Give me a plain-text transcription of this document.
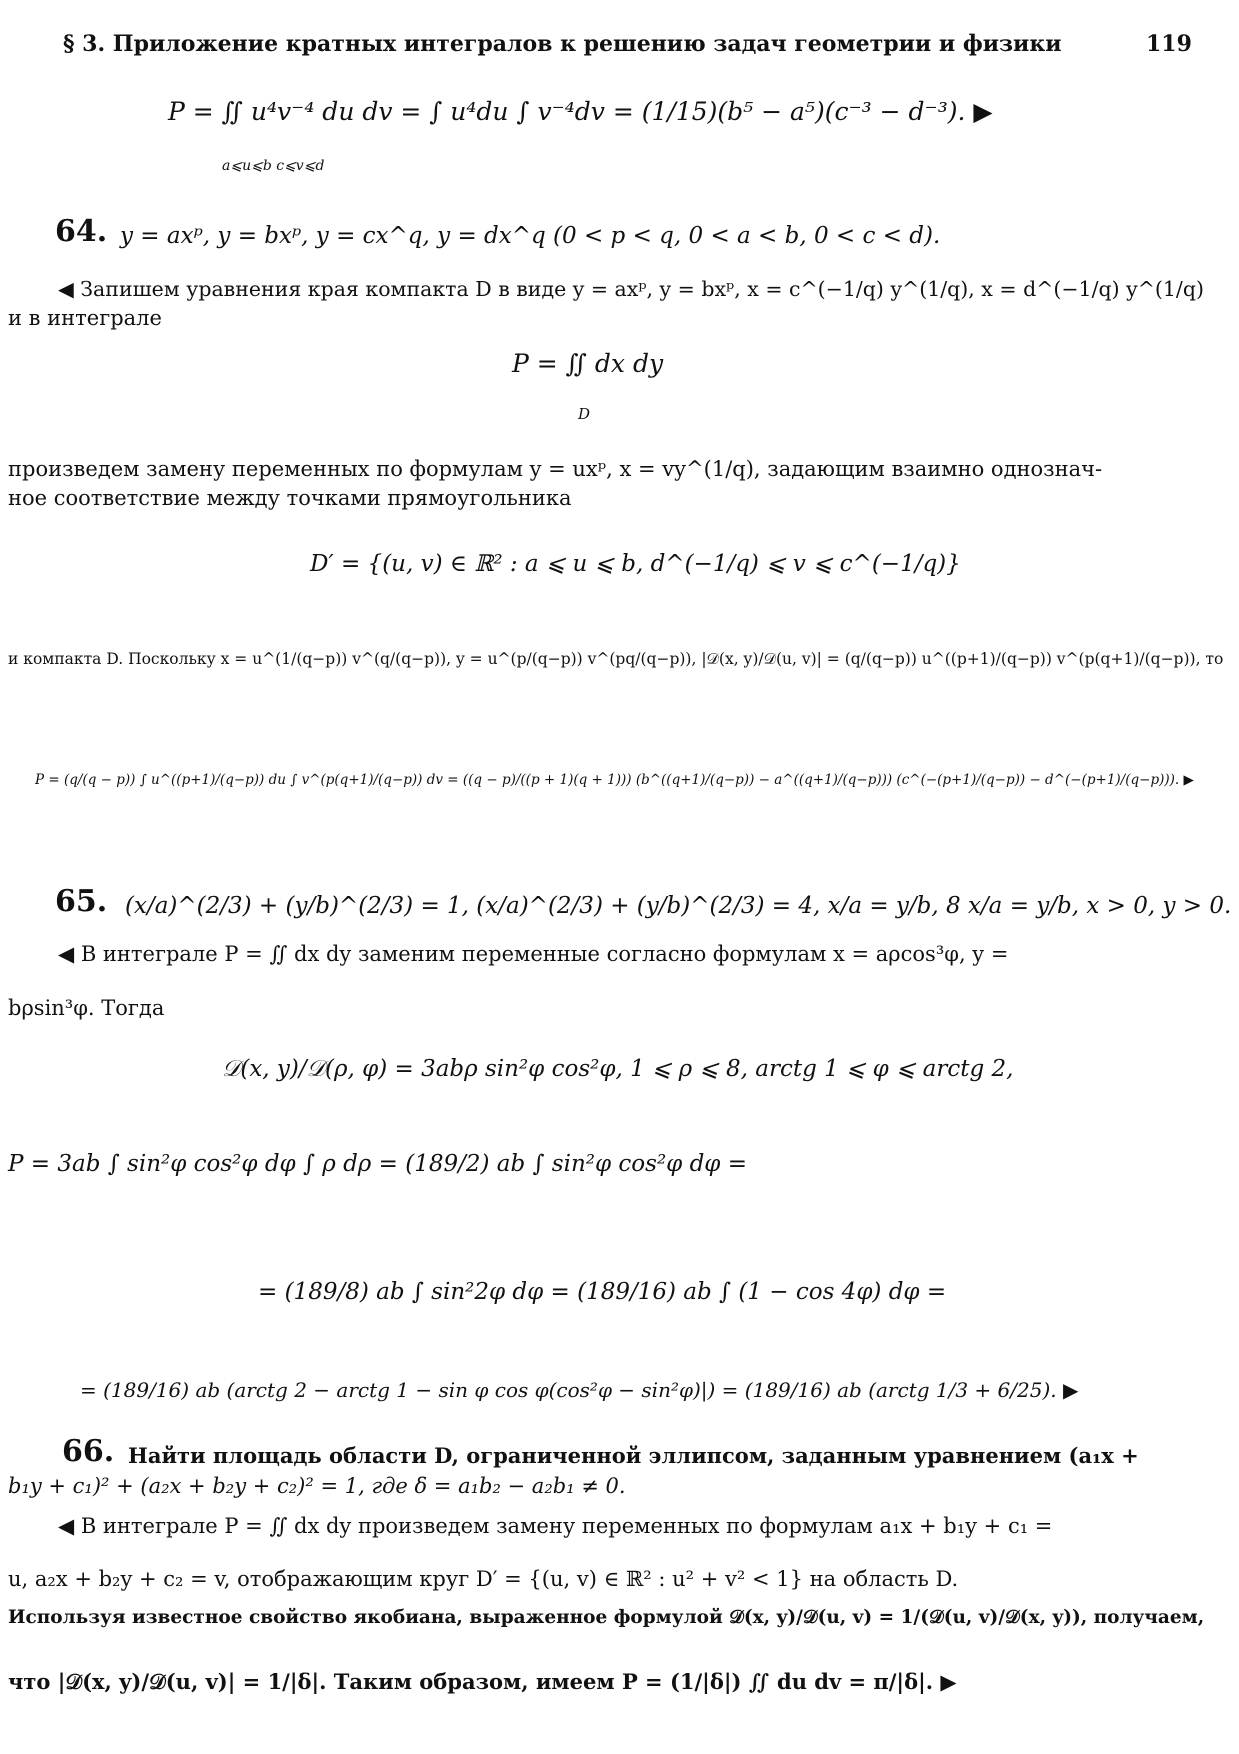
§ 3. Приложение кратных интегралов к решению задач геометрии и физики	119
P = ∬ u⁴v⁻⁴ du dv = ∫ u⁴du ∫ v⁻⁴dv = (1/15)(b⁵ − a⁵)(c⁻³ − d⁻³). ▶
a⩽u⩽b c⩽v⩽d
64. y = axᵖ, y = bxᵖ, y = cx^q, y = dx^q (0 < p < q, 0 < a < b, 0 < c < d).
◀ Запишем уравнения края компакта D в виде y = axᵖ, y = bxᵖ, x = c^(−1/q) y^(1/q), x = d^(−1/q) y^(1/q)
и в интеграле
P = ∬ dx dy
D
произведем замену переменных по формулам y = uxᵖ, x = vy^(1/q), задающим взаимно однознач-
ное соответствие между точками прямоугольника
D′ = {(u, v) ∈ ℝ² : a ⩽ u ⩽ b, d^(−1/q) ⩽ v ⩽ c^(−1/q)}
и компакта D. Поскольку x = u^(1/(q−p)) v^(q/(q−p)), y = u^(p/(q−p)) v^(pq/(q−p)), |𝒟(x, y)/𝒟(u, v)| = (q/(q−p)) u^((p+1)/(q−p)) v^(p(q+1)/(q−p)), то
P = (q/(q − p)) ∫ u^((p+1)/(q−p)) du ∫ v^(p(q+1)/(q−p)) dv = ((q − p)/((p + 1)(q + 1))) (b^((q+1)/(q−p)) − a^((q+1)/(q−p))) (c^(−(p+1)/(q−p)) − d^(−(p+1)/(q−p))). ▶
65. (x/a)^(2/3) + (y/b)^(2/3) = 1, (x/a)^(2/3) + (y/b)^(2/3) = 4, x/a = y/b, 8 x/a = y/b, x > 0, y > 0.
◀ В интеграле P = ∬ dx dy заменим переменные согласно формулам x = aρcos³φ, y =
bρsin³φ. Тогда
𝒟(x, y)/𝒟(ρ, φ) = 3abρ sin²φ cos²φ, 1 ⩽ ρ ⩽ 8, arctg 1 ⩽ φ ⩽ arctg 2,
P = 3ab ∫ sin²φ cos²φ dφ ∫ ρ dρ = (189/2) ab ∫ sin²φ cos²φ dφ =
= (189/8) ab ∫ sin²2φ dφ = (189/16) ab ∫ (1 − cos 4φ) dφ =
= (189/16) ab (arctg 2 − arctg 1 − sin φ cos φ(cos²φ − sin²φ)|) = (189/16) ab (arctg 1/3 + 6/25). ▶
66. Найти площадь области D, ограниченной эллипсом, заданным уравнением (a₁x +
b₁y + c₁)² + (a₂x + b₂y + c₂)² = 1, где δ = a₁b₂ − a₂b₁ ≠ 0.
◀ В интеграле P = ∬ dx dy произведем замену переменных по формулам a₁x + b₁y + c₁ =
u, a₂x + b₂y + c₂ = v, отображающим круг D′ = {(u, v) ∈ ℝ² : u² + v² < 1} на область D.
Используя известное свойство якобиана, выраженное формулой 𝒟(x, y)/𝒟(u, v) = 1/(𝒟(u, v)/𝒟(x, y)), получаем,
что |𝒟(x, y)/𝒟(u, v)| = 1/|δ|. Таким образом, имеем P = (1/|δ|) ∬ du dv = π/|δ|. ▶
